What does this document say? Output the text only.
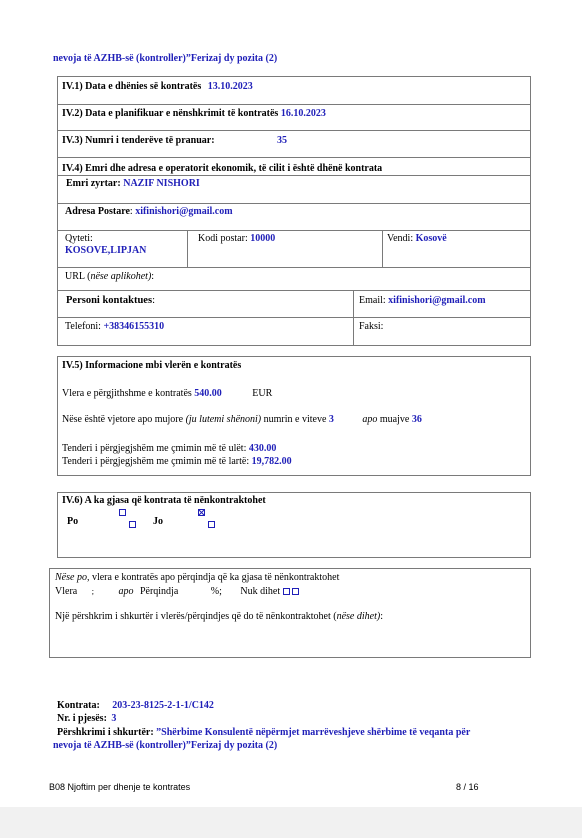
nevoja të AZHB-së (kontroller)”Ferizaj dy pozita (2)
IV.1) Data e dhënies së kontratës 13.10.2023
IV.2) Data e planifikuar e nënshkrimit të kontratës 16.10.2023
IV.3) Numri i tenderëve të pranuar:	35
IV.4) Emri dhe adresa e operatorit ekonomik, të cilit i është dhënë kontrata
Emri zyrtar: NAZIF NISHORI
Adresa Postare: xifinishori@gmail.com
Qyteti:
KOSOVE,LIPJAN
Kodi postar: 10000	Vendi: Kosovë
URL (nëse aplikohet):
Personi kontaktues:	Email: xifinishori@gmail.com
Telefoni: +38346155310	Faksi:
IV.5) Informacione mbi vlerën e kontratës
Vlera e përgjithshme e kontratës 540.00	EUR
Nëse është vjetore apo mujore (ju lutemi shënoni) numrin e viteve 3	apo muajve 36
Tenderi i përgjegjshëm me çmimin më të ulët: 430.00
Tenderi i përgjegjshëm me çmimin më të lartë: 19,782.00
IV.6) A ka gjasa që kontrata të nënkontraktohet
Po
	Jo

Nëse po, vlera e kontratës apo përqindja që ka gjasa të nënkontraktohet
Vlera ; apo Përqindja	%; Nuk dihet
Një përshkrim i shkurtër i vlerës/përqindjes që do të nënkontraktohet (nëse dihet):
Kontrata: 203-23-8125-2-1-1/C142
Nr. i pjesës: 3
Përshkrimi i shkurtër: ”Shërbime Konsulentë nëpërmjet marrëveshjeve shërbime të veqanta për
nevoja të AZHB-së (kontroller)”Ferizaj dy pozita (2)
B08 Njoftim per dhenje te kontrates	8 / 16
